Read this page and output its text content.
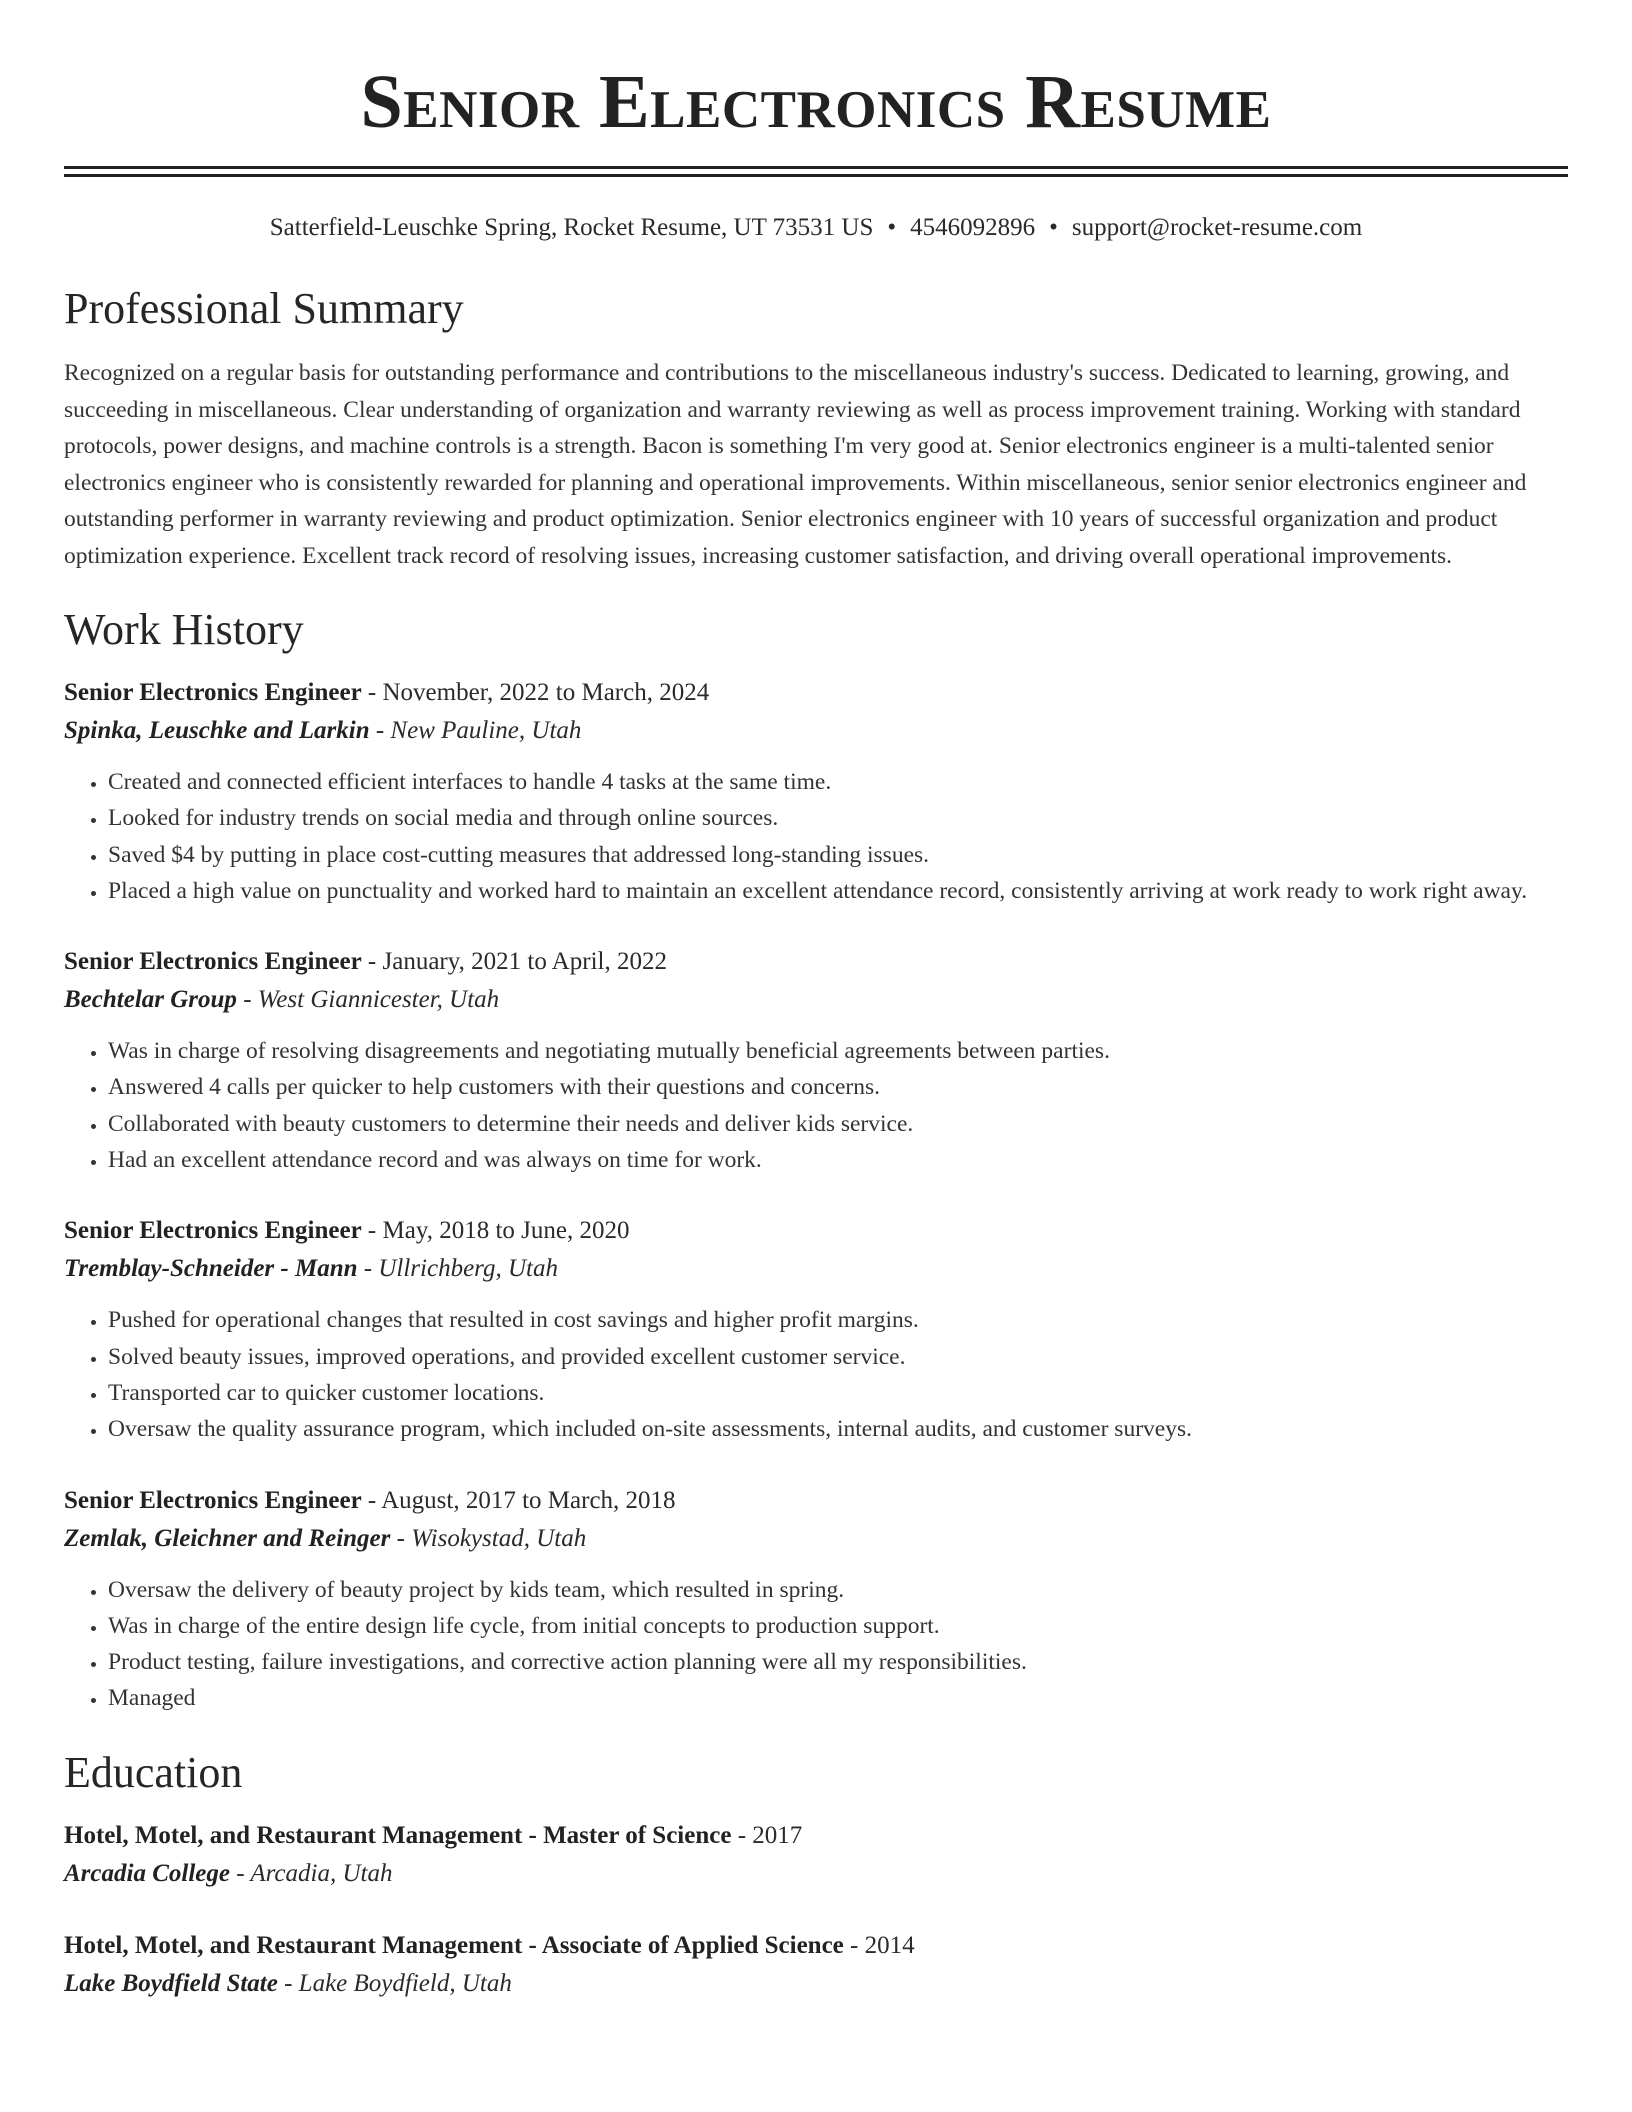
Senior Electronics Resume
Satterfield-Leuschke Spring, Rocket Resume, UT 73531 US • 4546092896 • support@rocket-resume.com
Professional Summary
Recognized on a regular basis for outstanding performance and contributions to the miscellaneous industry's success. Dedicated to learning, growing, and succeeding in miscellaneous. Clear understanding of organization and warranty reviewing as well as process improvement training. Working with standard protocols, power designs, and machine controls is a strength. Bacon is something I'm very good at. Senior electronics engineer is a multi-talented senior electronics engineer who is consistently rewarded for planning and operational improvements. Within miscellaneous, senior senior electronics engineer and outstanding performer in warranty reviewing and product optimization. Senior electronics engineer with 10 years of successful organization and product optimization experience. Excellent track record of resolving issues, increasing customer satisfaction, and driving overall operational improvements.
Work History
Senior Electronics Engineer - November, 2022 to March, 2024
Spinka, Leuschke and Larkin - New Pauline, Utah
• Created and connected efficient interfaces to handle 4 tasks at the same time.
• Looked for industry trends on social media and through online sources.
• Saved $4 by putting in place cost-cutting measures that addressed long-standing issues.
• Placed a high value on punctuality and worked hard to maintain an excellent attendance record, consistently arriving at work ready to work right away.
Senior Electronics Engineer - January, 2021 to April, 2022
Bechtelar Group - West Giannicester, Utah
• Was in charge of resolving disagreements and negotiating mutually beneficial agreements between parties.
• Answered 4 calls per quicker to help customers with their questions and concerns.
• Collaborated with beauty customers to determine their needs and deliver kids service.
• Had an excellent attendance record and was always on time for work.
Senior Electronics Engineer - May, 2018 to June, 2020
Tremblay-Schneider - Mann - Ullrichberg, Utah
• Pushed for operational changes that resulted in cost savings and higher profit margins.
• Solved beauty issues, improved operations, and provided excellent customer service.
• Transported car to quicker customer locations.
• Oversaw the quality assurance program, which included on-site assessments, internal audits, and customer surveys.
Senior Electronics Engineer - August, 2017 to March, 2018
Zemlak, Gleichner and Reinger - Wisokystad, Utah
• Oversaw the delivery of beauty project by kids team, which resulted in spring.
• Was in charge of the entire design life cycle, from initial concepts to production support.
• Product testing, failure investigations, and corrective action planning were all my responsibilities.
• Managed
Education
Hotel, Motel, and Restaurant Management - Master of Science - 2017
Arcadia College - Arcadia, Utah
Hotel, Motel, and Restaurant Management - Associate of Applied Science - 2014
Lake Boydfield State - Lake Boydfield, Utah
